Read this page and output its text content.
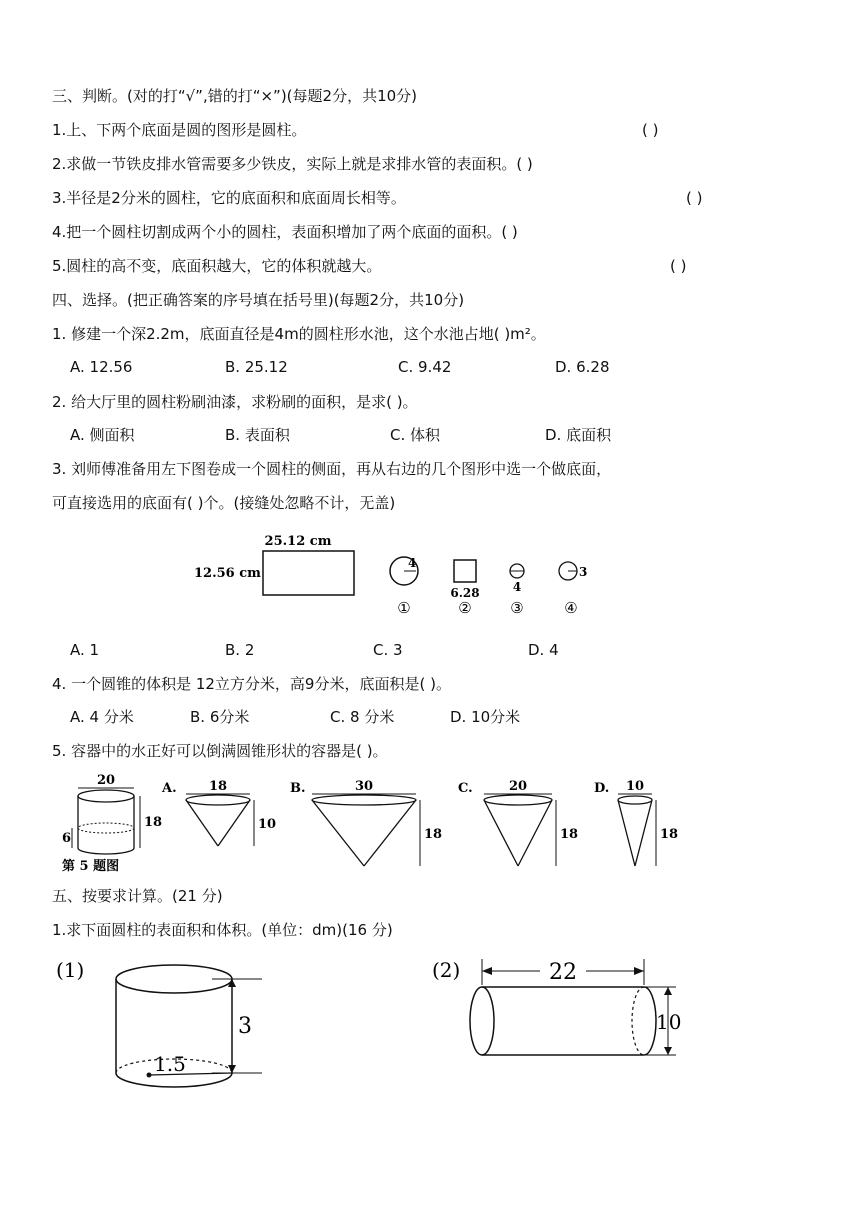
三、判断。(对的打“√”,错的打“×”)(每题2分，共10分)
1.上、下两个底面是圆的图形是圆柱。	( )
2.求做一节铁皮排水管需要多少铁皮，实际上就是求排水管的表面积。( )
3.半径是2分米的圆柱，它的底面积和底面周长相等。	( )
4.把一个圆柱切割成两个小的圆柱，表面积增加了两个底面的面积。( )
5.圆柱的高不变，底面积越大，它的体积就越大。	( )
四、选择。(把正确答案的序号填在括号里)(每题2分，共10分)
1. 修建一个深2.2m，底面直径是4m的圆柱形水池，这个水池占地( )m²。
A. 12.56	B. 25.12	C. 9.42	D. 6.28
2. 给大厅里的圆柱粉刷油漆，求粉刷的面积，是求( )。
A. 侧面积	B. 表面积	C. 体积	D. 底面积
3. 刘师傅准备用左下图卷成一个圆柱的侧面，再从右边的几个图形中选一个做底面，
可直接选用的底面有( )个。(接缝处忽略不计，无盖)
25.12 cm
12.56 cm
4
6.28	4
3
①	②	③	④
A. 1	B. 2	C. 3	D. 4
4. 一个圆锥的体积是 12立方分米，高9分米，底面积是( )。
A. 4 分米	B. 6分米	C. 8 分米	D. 10分米
5. 容器中的水正好可以倒满圆锥形状的容器是( )。
20
18
6
第 5 题图
A. 18
10
B.	30
18
C.	20
18
D. 10
18
五、按要求计算。(21 分)
1.求下面圆柱的表面积和体积。(单位：dm)(16 分)
(1)
1.5
3
(2)	22
10
